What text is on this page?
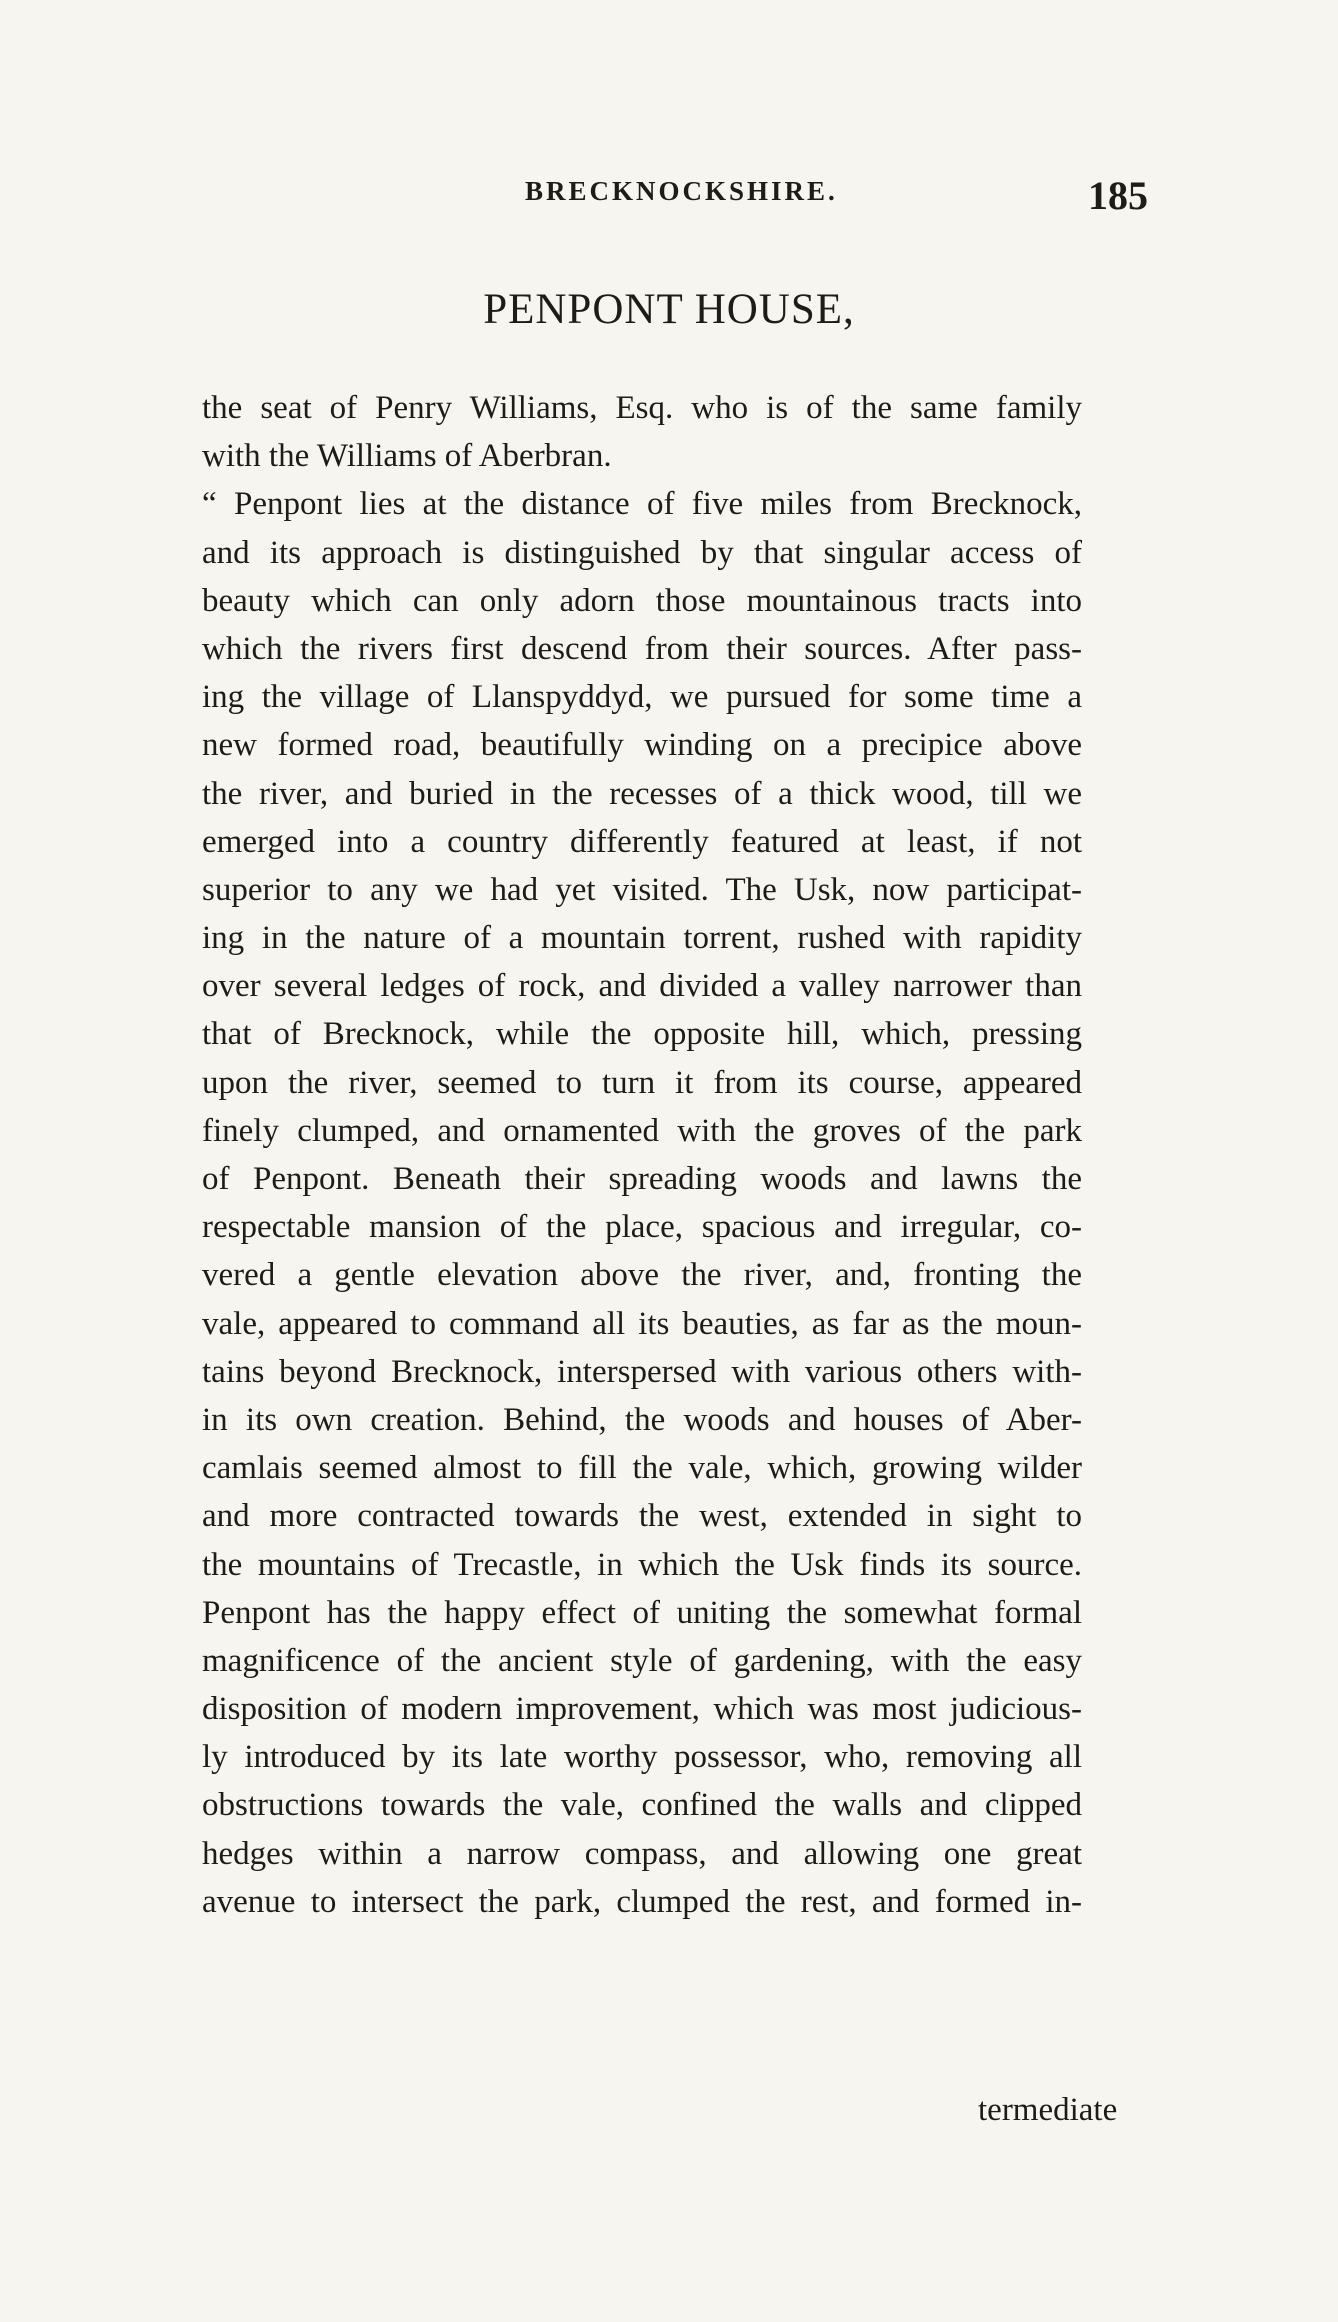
BRECKNOCKSHIRE.	185
PENPONT HOUSE,
the seat of Penry Williams, Esq. who is of the same family
with the Williams of Aberbran.
“ Penpont lies at the distance of five miles from Brecknock,
and its approach is distinguished by that singular access of
beauty which can only adorn those mountainous tracts into
which the rivers first descend from their sources. After pass-
ing the village of Llanspyddyd, we pursued for some time a
new formed road, beautifully winding on a precipice above
the river, and buried in the recesses of a thick wood, till we
emerged into a country differently featured at least, if not
superior to any we had yet visited. The Usk, now participat-
ing in the nature of a mountain torrent, rushed with rapidity
over several ledges of rock, and divided a valley narrower than
that of Brecknock, while the opposite hill, which, pressing
upon the river, seemed to turn it from its course, appeared
finely clumped, and ornamented with the groves of the park
of Penpont. Beneath their spreading woods and lawns the
respectable mansion of the place, spacious and irregular, co-
vered a gentle elevation above the river, and, fronting the
vale, appeared to command all its beauties, as far as the moun-
tains beyond Brecknock, interspersed with various others with-
in its own creation. Behind, the woods and houses of Aber-
camlais seemed almost to fill the vale, which, growing wilder
and more contracted towards the west, extended in sight to
the mountains of Trecastle, in which the Usk finds its source.
Penpont has the happy effect of uniting the somewhat formal
magnificence of the ancient style of gardening, with the easy
disposition of modern improvement, which was most judicious-
ly introduced by its late worthy possessor, who, removing all
obstructions towards the vale, confined the walls and clipped
hedges within a narrow compass, and allowing one great
avenue to intersect the park, clumped the rest, and formed in-
termediate
